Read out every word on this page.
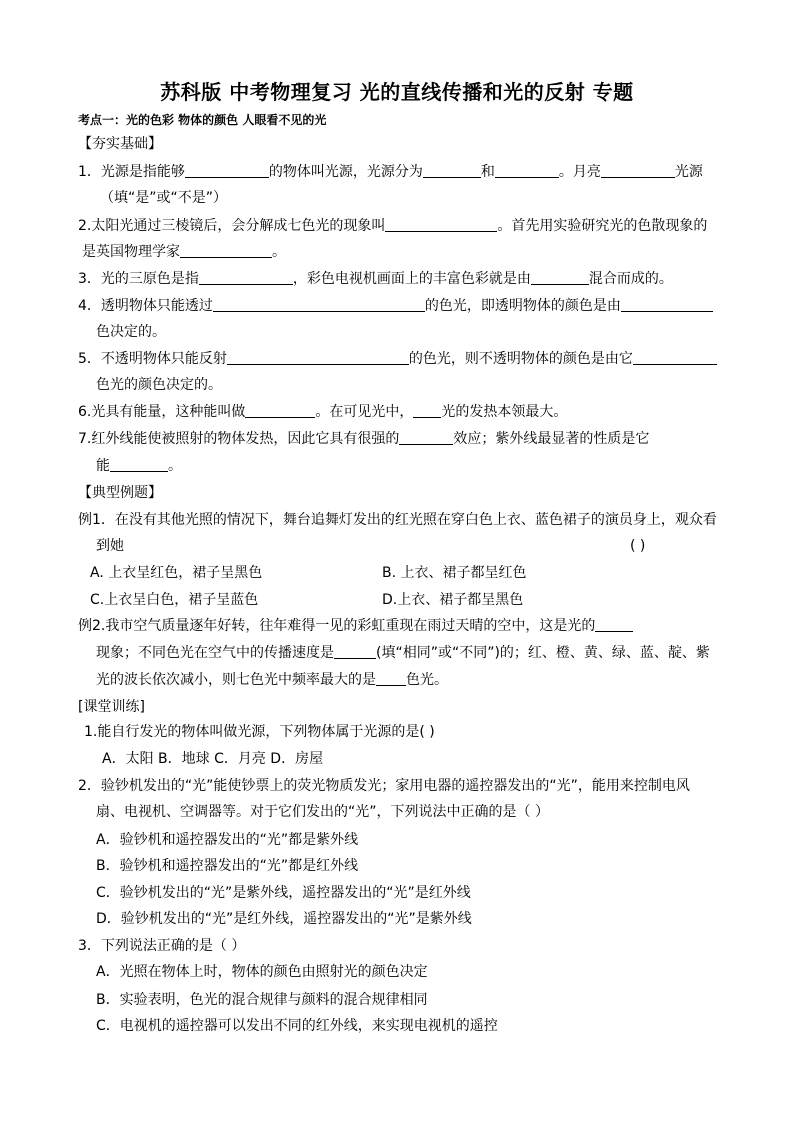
苏科版 中考物理复习 光的直线传播和光的反射 专题
考点一：光的色彩 物体的颜色 人眼看不见的光
【夯实基础】
1．光源是指能够	的物体叫光源，光源分为	和	。月亮	光源
（填“是”或“不是”）
2.太阳光通过三棱镜后，会分解成七色光的现象叫	。首先用实验研究光的色散现象的
是英国物理学家	。
3．光的三原色是指	，彩色电视机画面上的丰富色彩就是由	混合而成的。
4．透明物体只能透过	的色光，即透明物体的颜色是由
色决定的。
5．不透明物体只能反射	的色光，则不透明物体的颜色是由它
色光的颜色决定的。
6.光具有能量，这种能叫做	。在可见光中， 光的发热本领最大。
7.红外线能使被照射的物体发热，因此它具有很强的	效应；紫外线最显著的性质是它
能	。
【典型例题】
例1．在没有其他光照的情况下，舞台追舞灯发出的红光照在穿白色上衣、蓝色裙子的演员身上，观众看
到她	( )
A. 上衣呈红色，裙子呈黑色	B. 上衣、裙子都呈红色
C.上衣呈白色，裙子呈蓝色	D.上衣、裙子都呈黑色
例2.我市空气质量逐年好转，往年难得一见的彩虹重现在雨过天晴的空中，这是光的
现象；不同色光在空气中的传播速度是	(填“相同”或“不同”)的；红、橙、黄、绿、蓝、靛、紫
光的波长依次减小，则七色光中频率最大的是 色光。
[课堂训练]
1.能自行发光的物体叫做光源，下列物体属于光源的是( )
A．太阳 B．地球 C．月亮 D．房屋
2．验钞机发出的“光”能使钞票上的荧光物质发光；家用电器的遥控器发出的“光”，能用来控制电风
扇、电视机、空调器等。对于它们发出的“光”，下列说法中正确的是（ ）
A．验钞机和遥控器发出的“光”都是紫外线
B．验钞机和遥控器发出的“光”都是红外线
C．验钞机发出的“光”是紫外线，遥控器发出的“光”是红外线
D．验钞机发出的“光”是红外线，遥控器发出的“光”是紫外线
3．下列说法正确的是（ ）
A．光照在物体上时，物体的颜色由照射光的颜色决定
B．实验表明，色光的混合规律与颜料的混合规律相同
C．电视机的遥控器可以发出不同的红外线，来实现电视机的遥控
